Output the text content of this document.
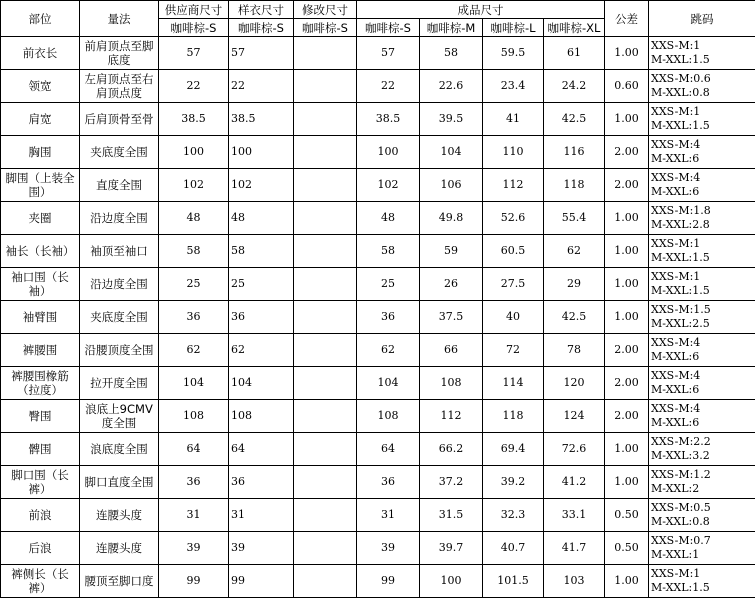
部位	量法	供应商尺寸	样衣尺寸	修改尺寸	成品尺寸				公差	跳码
		咖啡棕-S	咖啡棕-S	咖啡棕-S	咖啡棕-S	咖啡棕-M	咖啡棕-L	咖啡棕-XL		
前衣长	前肩顶点至脚底度	57	57		57	58	59.5	61	1.00	XXS-M:1
M-XXL:1.5

领宽	左肩顶点至右肩顶点度	22	22		22	22.6	23.4	24.2	0.60	XXS-M:0.6
M-XXL:0.8

肩宽	后肩顶骨至骨	38.5	38.5		38.5	39.5	41	42.5	1.00	XXS-M:1
M-XXL:1.5

胸围	夹底度全围	100	100		100	104	110	116	2.00	XXS-M:4
M-XXL:6

脚围（上装全围）	直度全围	102	102		102	106	112	118	2.00	XXS-M:4
M-XXL:6

夹圈	沿边度全围	48	48		48	49.8	52.6	55.4	1.00	XXS-M:1.8
M-XXL:2.8

袖长（长袖）	袖顶至袖口	58	58		58	59	60.5	62	1.00	XXS-M:1
M-XXL:1.5

袖口围（长袖）	沿边度全围	25	25		25	26	27.5	29	1.00	XXS-M:1
M-XXL:1.5

袖臂围	夹底度全围	36	36		36	37.5	40	42.5	1.00	XXS-M:1.5
M-XXL:2.5

裤腰围	沿腰顶度全围	62	62		62	66	72	78	2.00	XXS-M:4
M-XXL:6

裤腰围橡筋（拉度）	拉开度全围	104	104		104	108	114	120	2.00	XXS-M:4
M-XXL:6

臀围	浪底上9CMV度全围	108	108		108	112	118	124	2.00	XXS-M:4
M-XXL:6

髀围	浪底度全围	64	64		64	66.2	69.4	72.6	1.00	XXS-M:2.2
M-XXL:3.2

脚口围（长裤）	脚口直度全围	36	36		36	37.2	39.2	41.2	1.00	XXS-M:1.2
M-XXL:2

前浪	连腰头度	31	31		31	31.5	32.3	33.1	0.50	XXS-M:0.5
M-XXL:0.8

后浪	连腰头度	39	39		39	39.7	40.7	41.7	0.50	XXS-M:0.7
M-XXL:1

裤侧长（长裤）	腰顶至脚口度	99	99		99	100	101.5	103	1.00	XXS-M:1
M-XXL:1.5
